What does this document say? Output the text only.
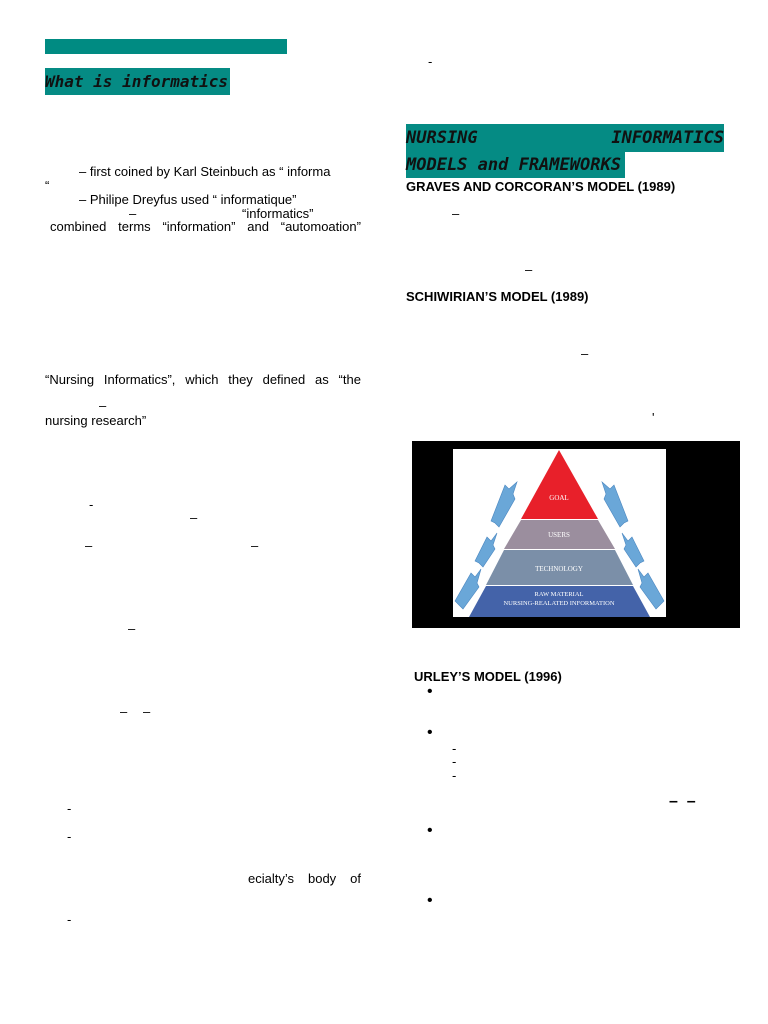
What is informatics
– first coined by Karl Steinbuch as “ informa
“
– Philipe Dreyfus used “ informatique”
–	“informatics”
combined terms “information” and “automoation”
“Nursing Informatics”, which they defined as “the
–
nursing research”
-
–
–	–
–
– –
-
-
ecialty’s body of
-
-
NURSING	INFORMATICS
MODELS and FRAMEWORKS
GRAVES AND CORCORAN’S MODEL (1989)
–
–
SCHIWIRIAN’S MODEL (1989)
–
'
GOAL
USERS
TECHNOLOGY
RAW MATERIAL
NURSING-REALATED INFORMATION
URLEY’S MODEL (1996)
•
•
-
-
-
–  –
•
•
